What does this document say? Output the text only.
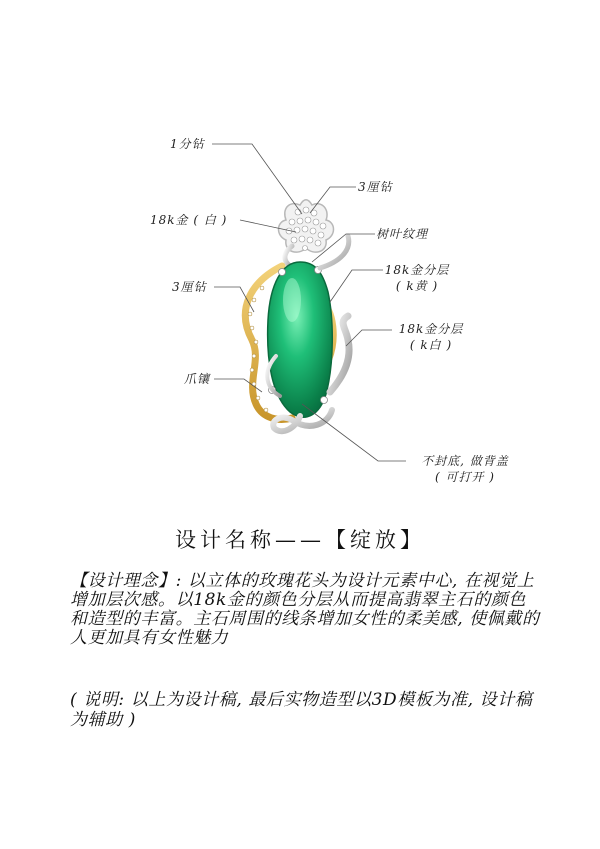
1分钻
3厘钻
18k金 ( 白 )
树叶纹理
18k金分层
( k黄 )
3厘钻
18k金分层
( k白 )
爪镶
不封底, 做背盖
( 可打开 )
设计名称——【绽放】
【设计理念】: 以立体的玫瑰花头为设计元素中心, 在视觉上增加层次感。以18k金的颜色分层从而提高翡翠主石的颜色和造型的丰富。主石周围的线条增加女性的柔美感, 使佩戴的人更加具有女性魅力
( 说明: 以上为设计稿, 最后实物造型以3D模板为准, 设计稿为辅助 )
